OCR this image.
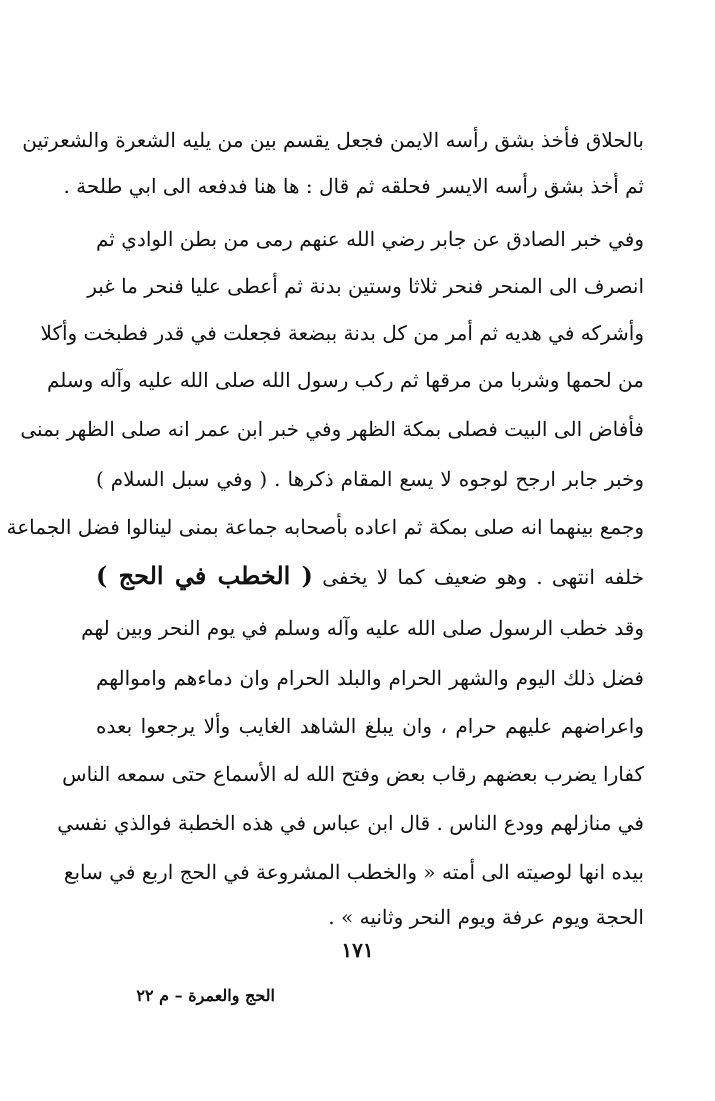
بالحلاق فأخذ بشق رأسه الايمن فجعل يقسم بين من يليه الشعرة والشعرتين
ثم أخذ بشق رأسه الايسر فحلقه ثم قال : ها هنا فدفعه الى ابي طلحة .
وفي خبر الصادق عن جابر رضي الله عنهم رمى من بطن الوادي ثم
انصرف الى المنحر فنحر ثلاثا وستين بدنة ثم أعطى عليا فنحر ما غبر
وأشركه في هديه ثم أمر من كل بدنة ببضعة فجعلت في قدر فطبخت وأكلا
من لحمها وشربا من مرقها ثم ركب رسول الله صلى الله عليه وآله وسلم
فأفاض الى البيت فصلى بمكة الظهر وفي خبر ابن عمر انه صلى الظهر بمنى
وخبر جابر ارجح لوجوه لا يسع المقام ذكرها . ( وفي سبل السلام )
وجمع بينهما انه صلى بمكة ثم اعاده بأصحابه جماعة بمنى لينالوا فضل الجماعة
خلفه انتهى . وهو ضعيف كما لا يخفى ( الخطب في الحج )
وقد خطب الرسول صلى الله عليه وآله وسلم في يوم النحر وبين لهم
فضل ذلك اليوم والشهر الحرام والبلد الحرام وان دماءهم واموالهم
واعراضهم عليهم حرام ، وان يبلغ الشاهد الغايب وألا يرجعوا بعده
كفارا يضرب بعضهم رقاب بعض وفتح الله له الأسماع حتى سمعه الناس
في منازلهم وودع الناس . قال ابن عباس في هذه الخطبة فوالذي نفسي
بيده انها لوصيته الى أمته « والخطب المشروعة في الحج اربع في سابع
الحجة ويوم عرفة ويوم النحر وثانيه » .
١٧١
الحج والعمرة – م ٢٢
